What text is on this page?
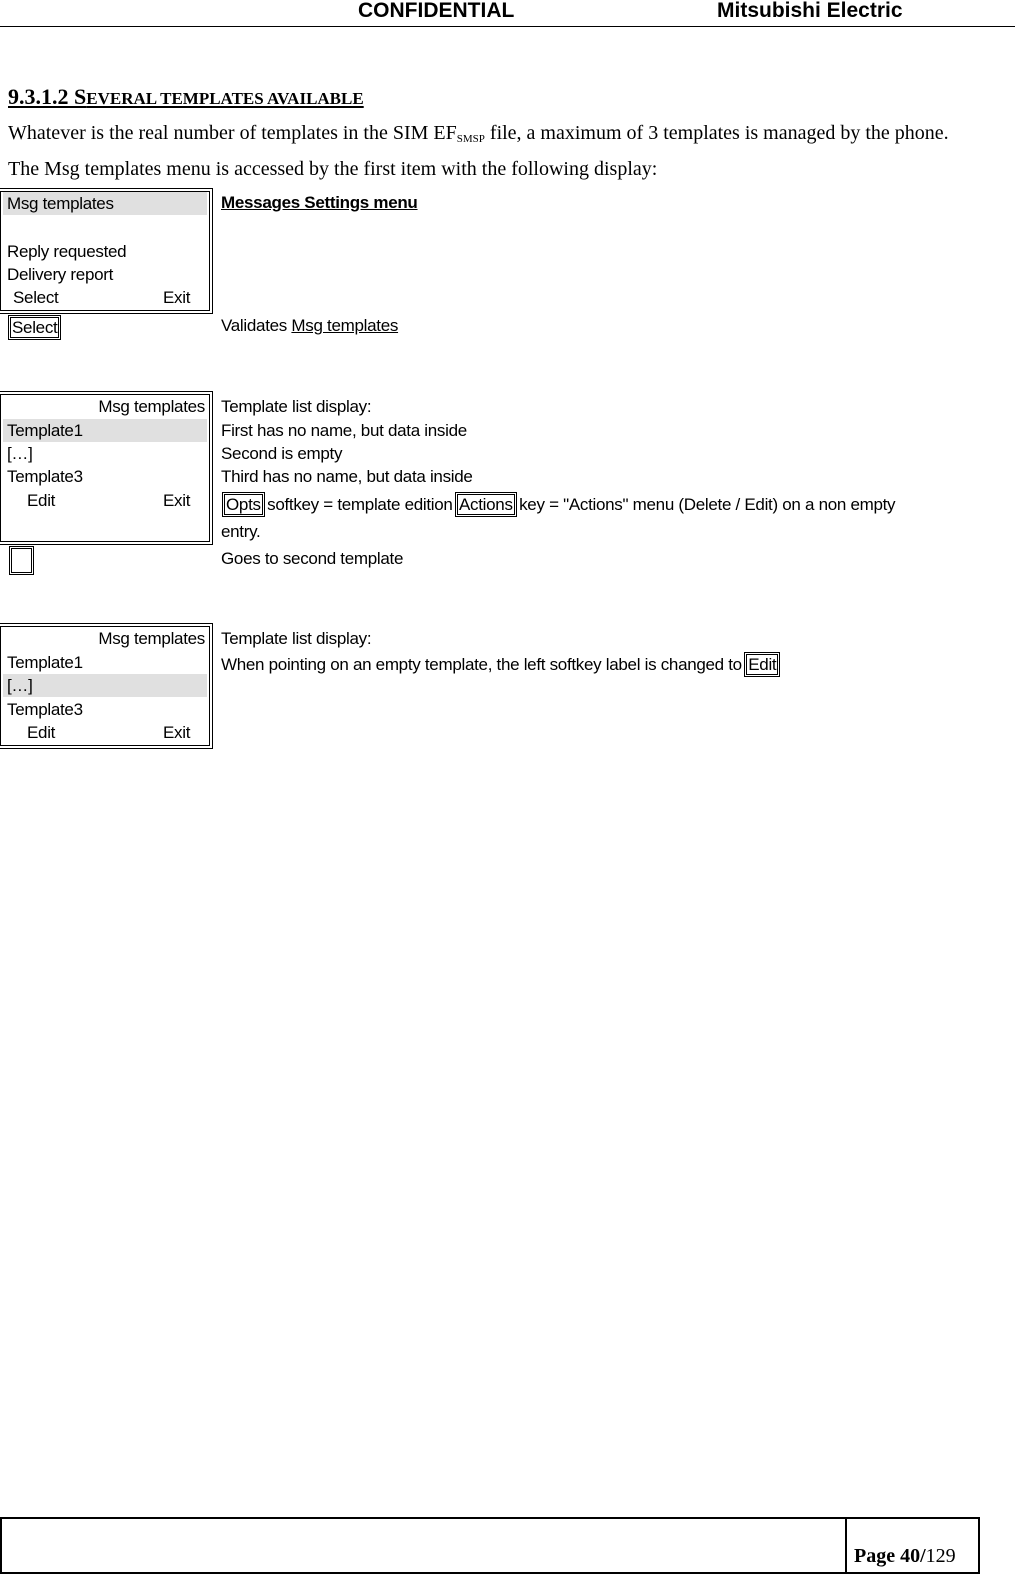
CONFIDENTIAL	Mitsubishi Electric
9.3.1.2 SEVERAL TEMPLATES AVAILABLE
Whatever is the real number of templates in the SIM $EF_{SMSP}$ file, a maximum of 3 templates is managed by the phone.
The Msg templates menu is accessed by the first item with the following display:
Msg templates
Reply requested
Delivery report
Select	Exit
Messages Settings menu
Select	Validates Msg templates
Msg templates
Template1
[…]
Template3
Edit	Exit
Template list display:
First has no name, but data inside
Second is empty
Third has no name, but data inside
Opts softkey = template edition Actions key = "Actions" menu (Delete / Edit) on a non empty
entry.
Goes to second template
Msg templates
Template1
[…]
Template3
Edit	Exit
Template list display:
When pointing on an empty template, the left softkey label is changed to Edit
Page 40/129
